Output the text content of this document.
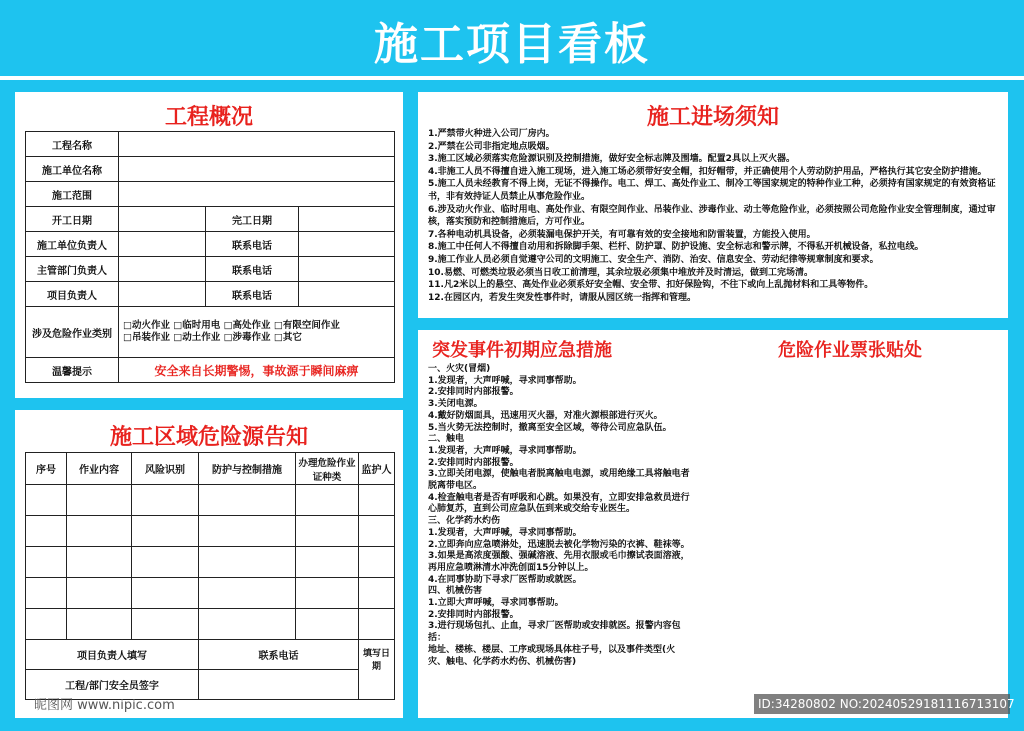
施工项目看板
工程概况
工程名称			
施工单位名称			
施工范围			
开工日期		完工日期	
施工单位负责人		联系电话	
主管部门负责人		联系电话	
项目负责人		联系电话	
涉及危险作业类别	□动火作业 □临时用电 □高处作业 □有限空间作业
□吊装作业 □动土作业 □涉毒作业 □其它		

温馨提示	安全来自长期警惕，事故源于瞬间麻痹		
施工区域危险源告知
序号	作业内容	风险识别	防护与控制措施	办理危险作业证种类	监护人

项目负责人填写			联系电话		填写日期
工程/部门安全员签字					
施工进场须知
1.严禁带火种进入公司厂房内。
2.严禁在公司非指定地点吸烟。
3.施工区域必须落实危险源识别及控制措施，做好安全标志牌及围墙。配置2具以上灭火器。
4.非施工人员不得擅自进入施工现场，进入施工场必须带好安全帽，扣好帽带，并正确使用个人劳动防护用品，严格执行其它安全防护措施。
5.施工人员未经教育不得上岗，无证不得操作。电工、焊工、高处作业工、制冷工等国家规定的特种作业工种，必须持有国家规定的有效资格证书，非有效持证人员禁止从事危险作业。
6.涉及动火作业、临时用电、高处作业、有限空间作业、吊装作业、涉毒作业、动土等危险作业，必须按照公司危险作业安全管理制度，通过审核，落实预防和控制措施后，方可作业。
7.各种电动机具设备，必须装漏电保护开关，有可靠有效的安全接地和防雷装置，方能投入使用。
8.施工中任何人不得擅自动用和拆除脚手架、栏杆、防护罩、防护设施、安全标志和警示牌，不得私开机械设备，私拉电线。
9.施工作业人员必须自觉遵守公司的文明施工、安全生产、消防、治安、信息安全、劳动纪律等规章制度和要求。
10.易燃、可燃类垃圾必须当日收工前清理，其余垃圾必须集中堆放并及时清运，做到工完场清。
11.凡2米以上的悬空、高处作业必须系好安全帽、安全带、扣好保险钩，不往下或向上乱抛材料和工具等物件。
12.在园区内，若发生突发性事件时，请服从园区统一指挥和管理。
突发事件初期应急措施	危险作业票张贴处
一、火灾(冒烟)
1.发现者，大声呼喊，寻求同事帮助。
2.安排同时内部报警。
3.关闭电源。
4.戴好防烟面具，迅速用灭火器，对准火源根部进行灭火。
5.当火势无法控制时，撤离至安全区域，等待公司应急队伍。
二、触电
1.发现者，大声呼喊，寻求同事帮助。
2.安排同时内部报警。
3.立即关闭电源，使触电者脱离触电电源，或用绝缘工具将触电者脱离带电区。
4.检查触电者是否有呼吸和心跳。如果没有，立即安排急救员进行心肺复苏，直到公司应急队伍到来或交给专业医生。
三、化学药水灼伤
1.发现者，大声呼喊，寻求同事帮助。
2.立即奔向应急喷淋处，迅速脱去被化学物污染的衣裤、鞋袜等。
3.如果是高浓度强酸、强碱溶液、先用衣服或毛巾擦试表面溶液，再用应急喷淋清水冲洗创面15分钟以上。
4.在同事协助下寻求厂医帮助或就医。
四、机械伤害
1.立即大声呼喊，寻求同事帮助。
2.安排同时内部报警。
3.进行现场包扎、止血，寻求厂医帮助或安排就医。报警内容包括：
地址、楼栋、楼层、工序或现场具体柱子号，以及事件类型(火灾、触电、化学药水灼伤、机械伤害)
昵图网 www.nipic.com	ID:34280802 NO:20240529181116713107
